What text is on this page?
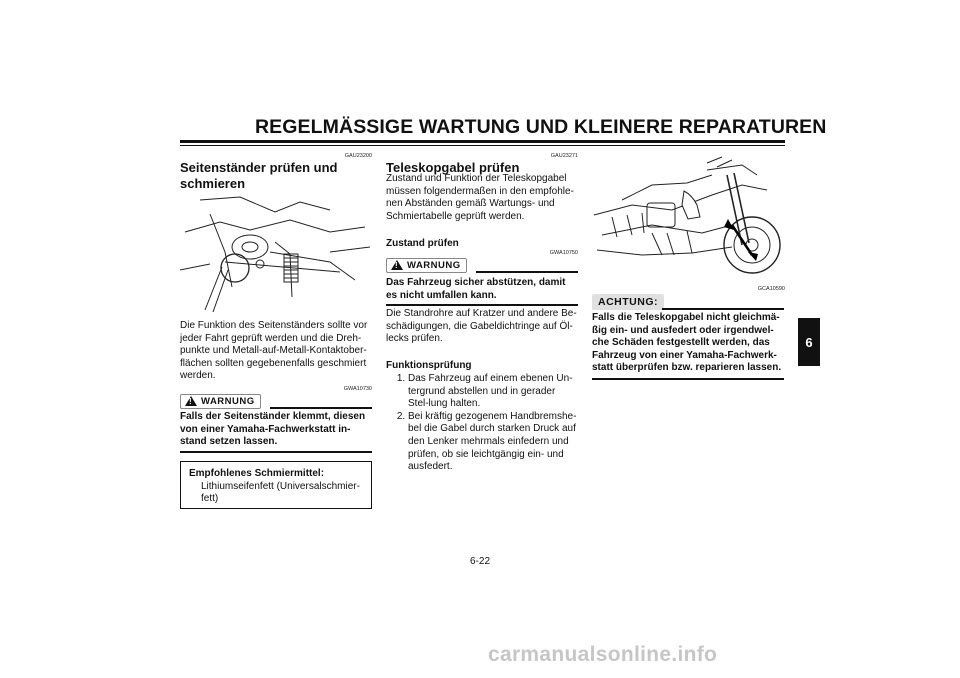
REGELMÄSSIGE WARTUNG UND KLEINERE REPARATUREN
GAU23200
Seitenständer prüfen und schmieren
Die Funktion des Seitenständers sollte vor jeder Fahrt geprüft werden und die Dreh-punkte und Metall-auf-Metall-Kontaktober-flächen sollten gegebenenfalls geschmiert werden.
GWA10730
!
WARNUNG
Falls der Seitenständer klemmt, diesen von einer Yamaha-Fachwerkstatt in-stand setzen lassen.
Empfohlenes Schmiermittel:
Lithiumseifenfett (Universalschmier-fett)
GAU23271
Teleskopgabel prüfen
Zustand und Funktion der Teleskopgabel müssen folgendermaßen in den empfohle-nen Abständen gemäß Wartungs- und Schmiertabelle geprüft werden.
Zustand prüfen
GWA10750
!
WARNUNG
Das Fahrzeug sicher abstützen, damit es nicht umfallen kann.
Die Standrohre auf Kratzer und andere Be-schädigungen, die Gabeldichtringe auf Öl-lecks prüfen.
Funktionsprüfung
1. Das Fahrzeug auf einem ebenen Un-tergrund abstellen und in gerader Stel-lung halten.
2. Bei kräftig gezogenem Handbremshe-bel die Gabel durch starken Druck auf den Lenker mehrmals einfedern und prüfen, ob sie leichtgängig ein- und ausfedert.
GCA10590
ACHTUNG:
Falls die Teleskopgabel nicht gleichmä-ßig ein- und ausfedert oder irgendwel-che Schäden festgestellt werden, das Fahrzeug von einer Yamaha-Fachwerk-statt überprüfen bzw. reparieren lassen.
6
6-22
carmanualsonline.info
